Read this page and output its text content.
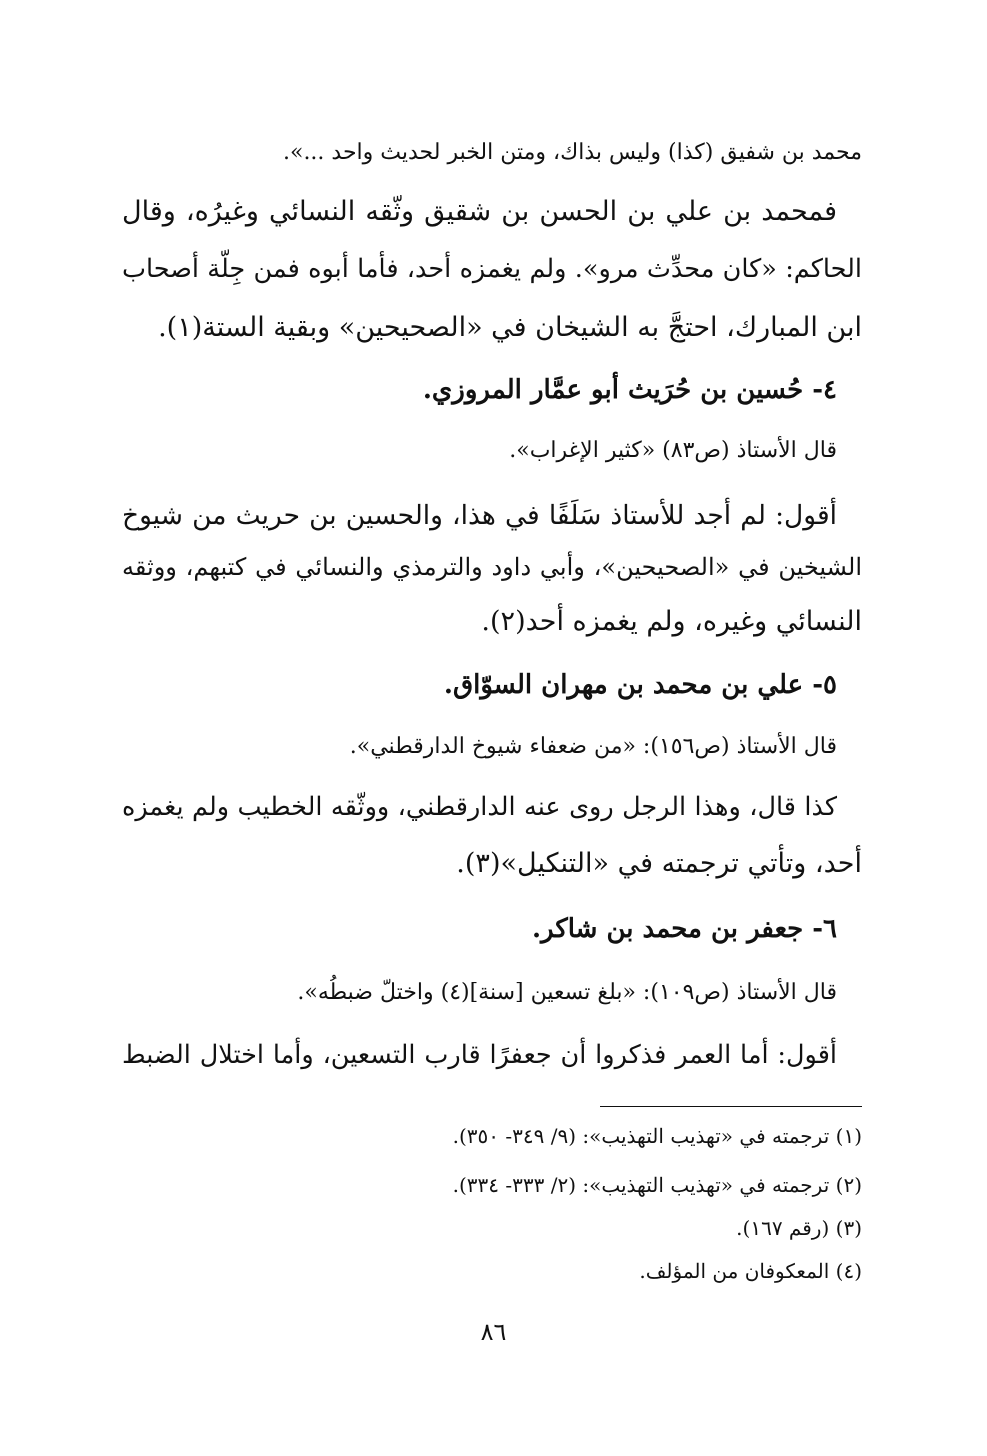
محمد بن شفيق (كذا) وليس بذاك، ومتن الخبر لحديث واحد ...».
فمحمد بن علي بن الحسن بن شقيق وثّقه النسائي وغيرُه، وقال
الحاكم: «كان محدِّث مرو». ولم يغمزه أحد، فأما أبوه فمن جِلّة أصحاب
ابن المبارك، احتجَّ به الشيخان في «الصحيحين» وبقية الستة(١).
٤- حُسين بن حُرَيث أبو عمَّار المروزي.
قال الأستاذ (ص٨٣) «كثير الإغراب».
أقول: لم أجد للأستاذ سَلَفًا في هذا، والحسين بن حريث من شيوخ
الشيخين في «الصحيحين»، وأبي داود والترمذي والنسائي في كتبهم، ووثقه
النسائي وغيره، ولم يغمزه أحد(٢).
٥- علي بن محمد بن مهران السوّاق.
قال الأستاذ (ص١٥٦): «من ضعفاء شيوخ الدارقطني».
كذا قال، وهذا الرجل روى عنه الدارقطني، ووثّقه الخطيب ولم يغمزه
أحد، وتأتي ترجمته في «التنكيل»(٣).
٦- جعفر بن محمد بن شاكر.
قال الأستاذ (ص١٠٩): «بلغ تسعين [سنة](٤) واختلّ ضبطُه».
أقول: أما العمر فذكروا أن جعفرًا قارب التسعين، وأما اختلال الضبط
(١) ترجمته في «تهذيب التهذيب»: (٩/ ٣٤٩- ٣٥٠).
(٢) ترجمته في «تهذيب التهذيب»: (٢/ ٣٣٣- ٣٣٤).
(٣) (رقم ١٦٧).
(٤) المعكوفان من المؤلف.
٨٦
